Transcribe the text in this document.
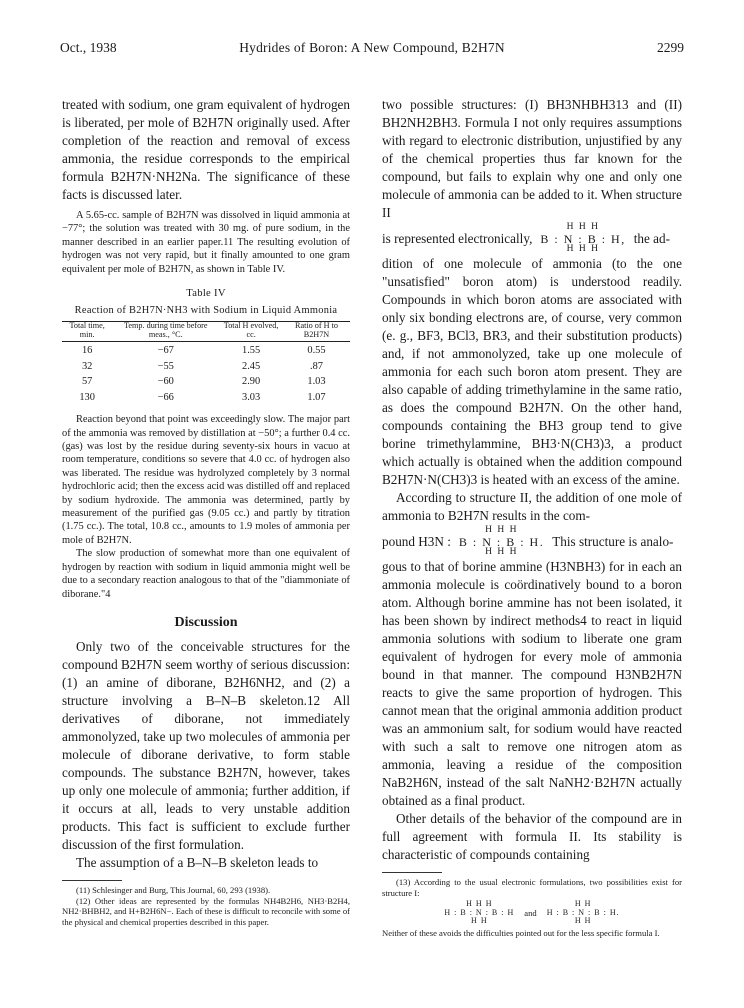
Oct., 1938	Hydrides of Boron: A New Compound, B2H7N	2299

treated with sodium, one gram equivalent of hydrogen is liberated, per mole of B2H7N originally used. After completion of the reaction and removal of excess ammonia, the residue corresponds to the empirical formula B2H7N·NH2Na. The significance of these facts is discussed later.

A 5.65-cc. sample of B2H7N was dissolved in liquid ammonia at −77°; the solution was treated with 30 mg. of pure sodium, in the manner described in an earlier paper.11 The resulting evolution of hydrogen was not very rapid, but it finally amounted to one gram equivalent per mole of B2H7N, as shown in Table IV.

Table IV
Reaction of B2H7N·NH3 with Sodium in Liquid Ammonia
Total time, min.	Temp. during time before meas., °C.	Total H evolved, cc.	Ratio of H to B2H7N
16	−67	1.55	0.55
32	−55	2.45	.87
57	−60	2.90	1.03
130	−66	3.03	1.07

Reaction beyond that point was exceedingly slow. The major part of the ammonia was removed by distillation at −50°; a further 0.4 cc. (gas) was lost by the residue during seventy-six hours in vacuo at room temperature, conditions so severe that 4.0 cc. of hydrogen also was liberated. The residue was hydrolyzed completely by 3 normal hydrochloric acid; then the excess acid was distilled off and replaced by sodium hydroxide. The ammonia was determined, partly by measurement of the purified gas (9.05 cc.) and partly by titration (1.75 cc.). The total, 10.8 cc., amounts to 1.9 moles of ammonia per mole of B2H7N.

The slow production of somewhat more than one equivalent of hydrogen by reaction with sodium in liquid ammonia might well be due to a secondary reaction analogous to that of the "diammoniate of diborane."4

Discussion

Only two of the conceivable structures for the compound B2H7N seem worthy of serious discussion: (1) an amine of diborane, B2H6NH2, and (2) a structure involving a B–N–B skeleton.12 All derivatives of diborane, not immediately ammonolyzed, take up two molecules of ammonia per molecule of diborane derivative, to form stable compounds. The substance B2H7N, however, takes up only one molecule of ammonia; further addition, if it occurs at all, leads to very unstable addition products. This fact is sufficient to exclude further discussion of the first formulation.

The assumption of a B–N–B skeleton leads to

(11) Schlesinger and Burg, This Journal, 60, 293 (1938).

(12) Other ideas are represented by the formulas NH4B2H6, NH3·B2H4, NH2·BHBH2, and H+B2H6N−. Each of these is difficult to reconcile with some of the physical and chemical properties described in this paper.

two possible structures: (I) BH3NHBH313 and (II) BH2NH2BH3. Formula I not only requires assumptions with regard to electronic distribution, unjustified by any of the chemical properties thus far known for the compound, but fails to explain why one and only one molecule of ammonia can be added to it. When structure II

is represented electronically,
H H H
B : N : B : H,
H H H
the ad-

dition of one molecule of ammonia (to the one "unsatisfied" boron atom) is understood readily. Compounds in which boron atoms are associated with only six bonding electrons are, of course, very common (e. g., BF3, BCl3, BR3, and their substitution products) and, if not ammonolyzed, take up one molecule of ammonia for each such boron atom present. They are also capable of adding trimethylamine in the same ratio, as does the compound B2H7N. On the other hand, compounds containing the BH3 group tend to give borine trimethylammine, BH3·N(CH3)3, a product which actually is obtained when the addition compound B2H7N·N(CH3)3 is heated with an excess of the amine.

According to structure II, the addition of one mole of ammonia to B2H7N results in the com-

pound H3N :
H H H
B : N : B : H.
H H H
This structure is analo-

gous to that of borine ammine (H3NBH3) for in each an ammonia molecule is coördinatively bound to a boron atom. Although borine ammine has not been isolated, it has been shown by indirect methods4 to react in liquid ammonia solutions with sodium to liberate one gram equivalent of hydrogen for every mole of ammonia bound in that manner. The compound H3NB2H7N reacts to give the same proportion of hydrogen. This cannot mean that the original ammonia addition product was an ammonium salt, for sodium would have reacted with such a salt to remove one nitrogen atom as ammonia, leaving a residue of the composition NaB2H6N, instead of the salt NaNH2·B2H7N actually obtained as a final product.

Other details of the behavior of the compound are in full agreement with formula II. Its stability is characteristic of compounds containing

(13) According to the usual electronic formulations, two possibilities exist for structure I:

H H H
H : B : N : B : H
H H
and
H H
H : B : N : B : H.
H H

Neither of these avoids the difficulties pointed out for the less specific formula I.
